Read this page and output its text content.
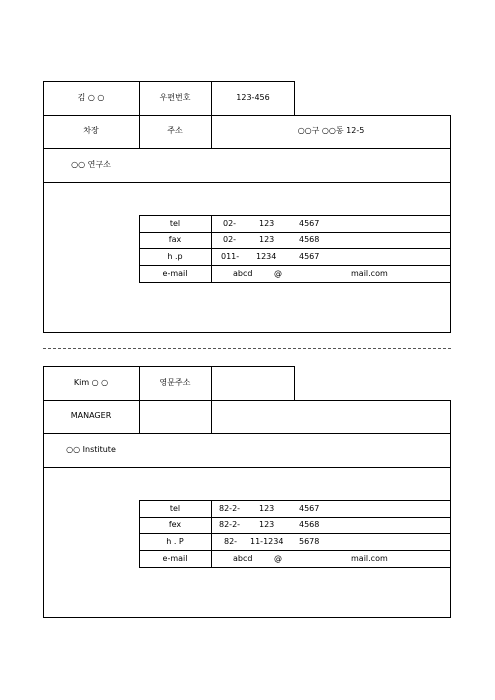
김 ○ ○	우편번호	123-456
차장	주소	○○구 ○○동 12-5
○○ 연구소
tel	02-	123	4567
fax	02-	123	4568
h .p	011- 1234	4567
e-mail	abcd	@	mail.com
Kim ○ ○	영문주소
MANAGER
○○ Institute
tel	82-2- 123	4567
fex	82-2- 123	4568
h . P	82- 11-1234 5678
e-mail	abcd	@	mail.com
